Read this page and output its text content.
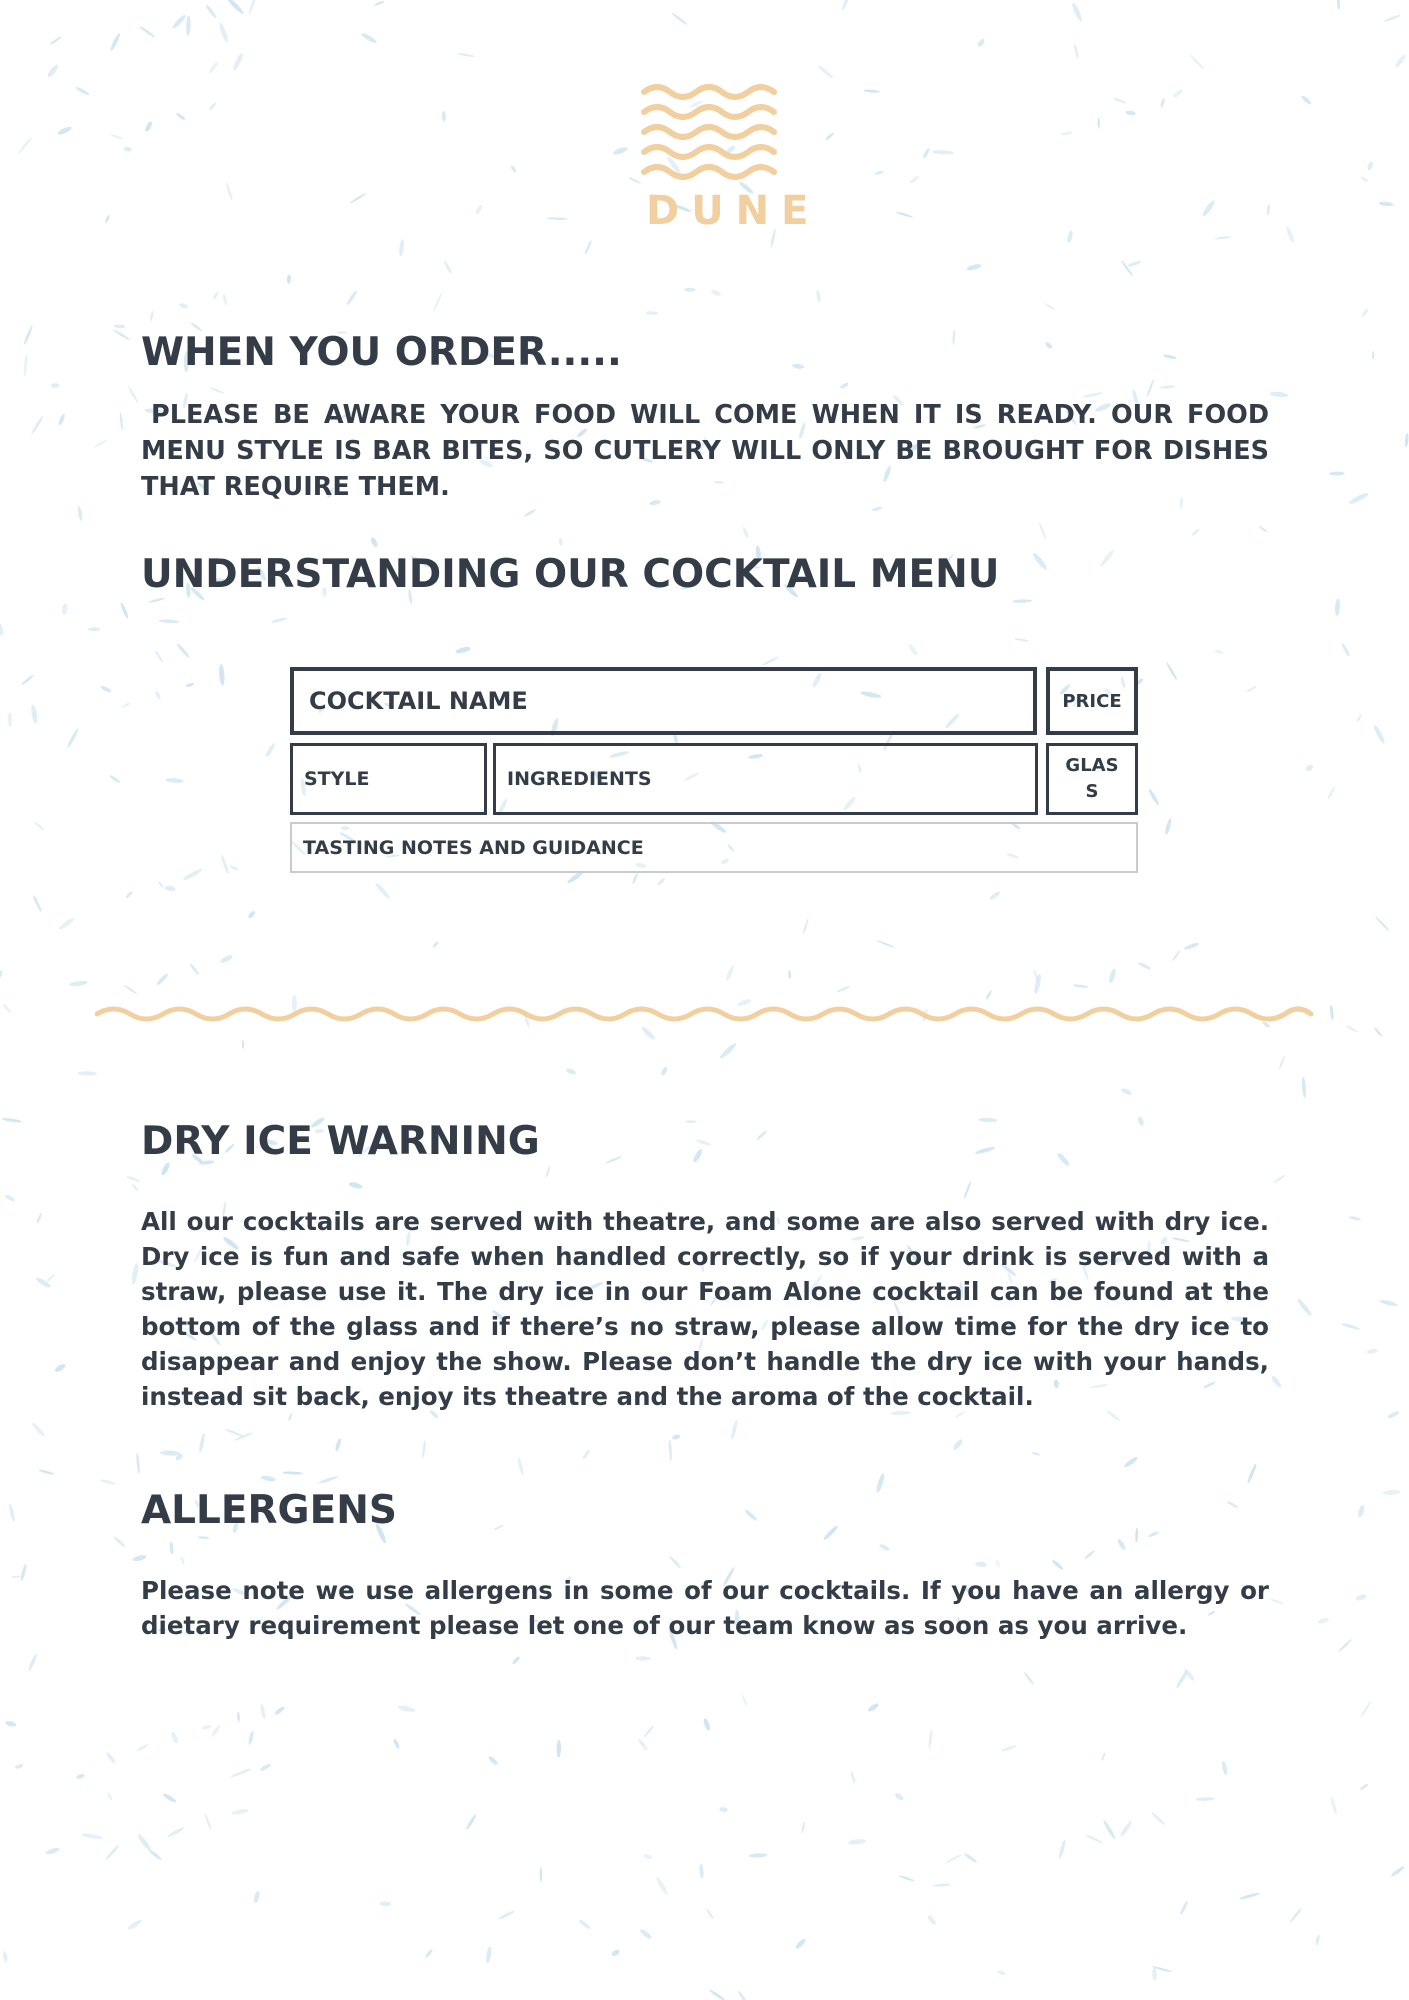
DUNE
WHEN YOU ORDER.....

PLEASE BE AWARE YOUR FOOD WILL COME WHEN IT IS READY. OUR FOOD MENU STYLE IS BAR BITES, SO CUTLERY WILL ONLY BE BROUGHT FOR DISHES THAT REQUIRE THEM.

UNDERSTANDING OUR COCKTAIL MENU
COCKTAIL NAME	PRICE
STYLE	INGREDIENTS
GLAS
S
TASTING NOTES AND GUIDANCE
DRY ICE WARNING

All our cocktails are served with theatre, and some are also served with dry ice. Dry ice is fun and safe when handled correctly, so if your drink is served with a straw, please use it. The dry ice in our Foam Alone cocktail can be found at the bottom of the glass and if there’s no straw, please allow time for the dry ice to disappear and enjoy the show. Please don’t handle the dry ice with your hands, instead sit back, enjoy its theatre and the aroma of the cocktail.

ALLERGENS

Please note we use allergens in some of our cocktails. If you have an allergy or dietary requirement please let one of our team know as soon as you arrive.
